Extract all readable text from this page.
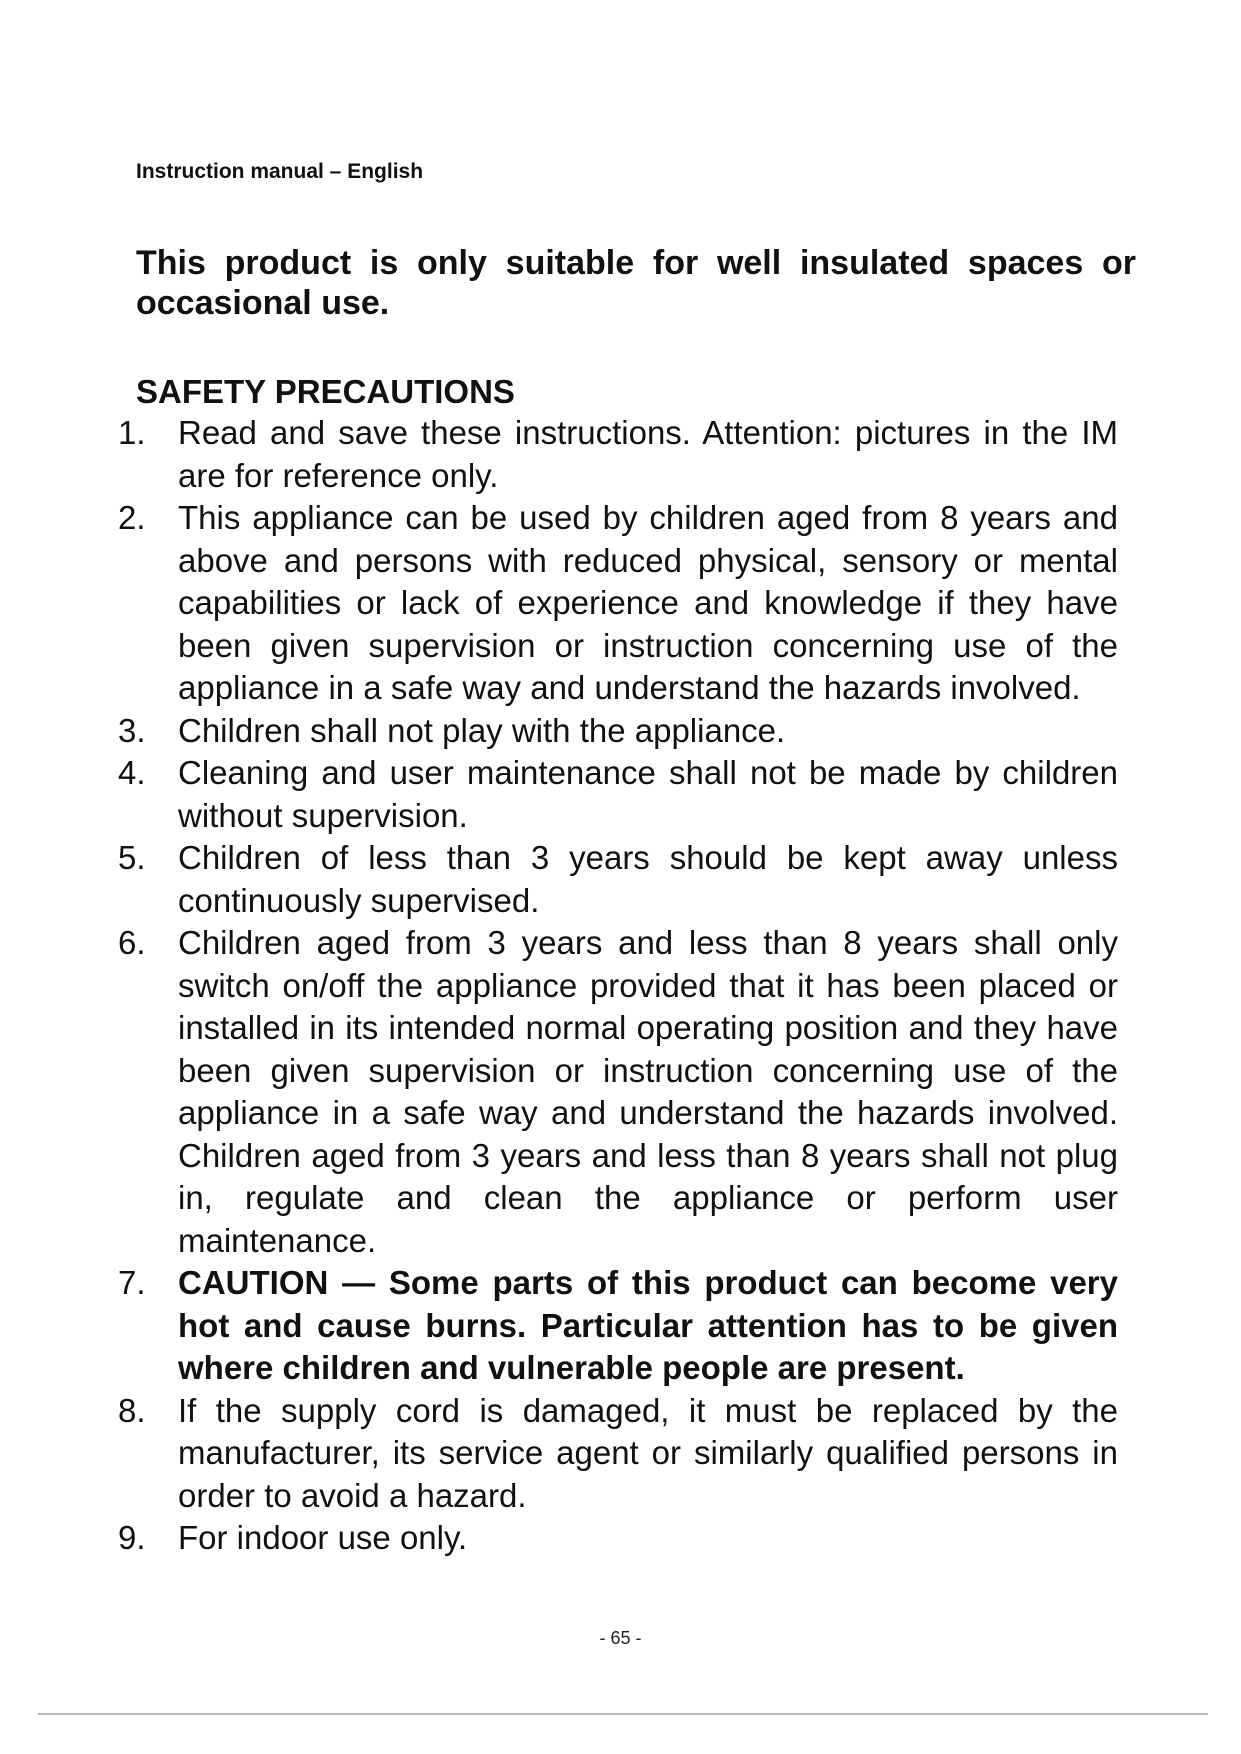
Instruction manual – English
This product is only suitable for well insulated spaces or occasional use.
SAFETY PRECAUTIONS
1. Read and save these instructions. Attention: pictures in the IM are for reference only.
2. This appliance can be used by children aged from 8 years and above and persons with reduced physical, sensory or mental capabilities or lack of experience and knowledge if they have been given supervision or instruction concerning use of the appliance in a safe way and understand the hazards involved.
3. Children shall not play with the appliance.
4. Cleaning and user maintenance shall not be made by children without supervision.
5. Children of less than 3 years should be kept away unless continuously supervised.
6. Children aged from 3 years and less than 8 years shall only switch on/off the appliance provided that it has been placed or installed in its intended normal operating position and they have been given supervision or instruction concerning use of the appliance in a safe way and understand the hazards involved. Children aged from 3 years and less than 8 years shall not plug in, regulate and clean the appliance or perform user maintenance.
7. CAUTION — Some parts of this product can become very hot and cause burns. Particular attention has to be given where children and vulnerable people are present.
8. If the supply cord is damaged, it must be replaced by the manufacturer, its service agent or similarly qualified persons in order to avoid a hazard.
9. For indoor use only.
- 65 -
